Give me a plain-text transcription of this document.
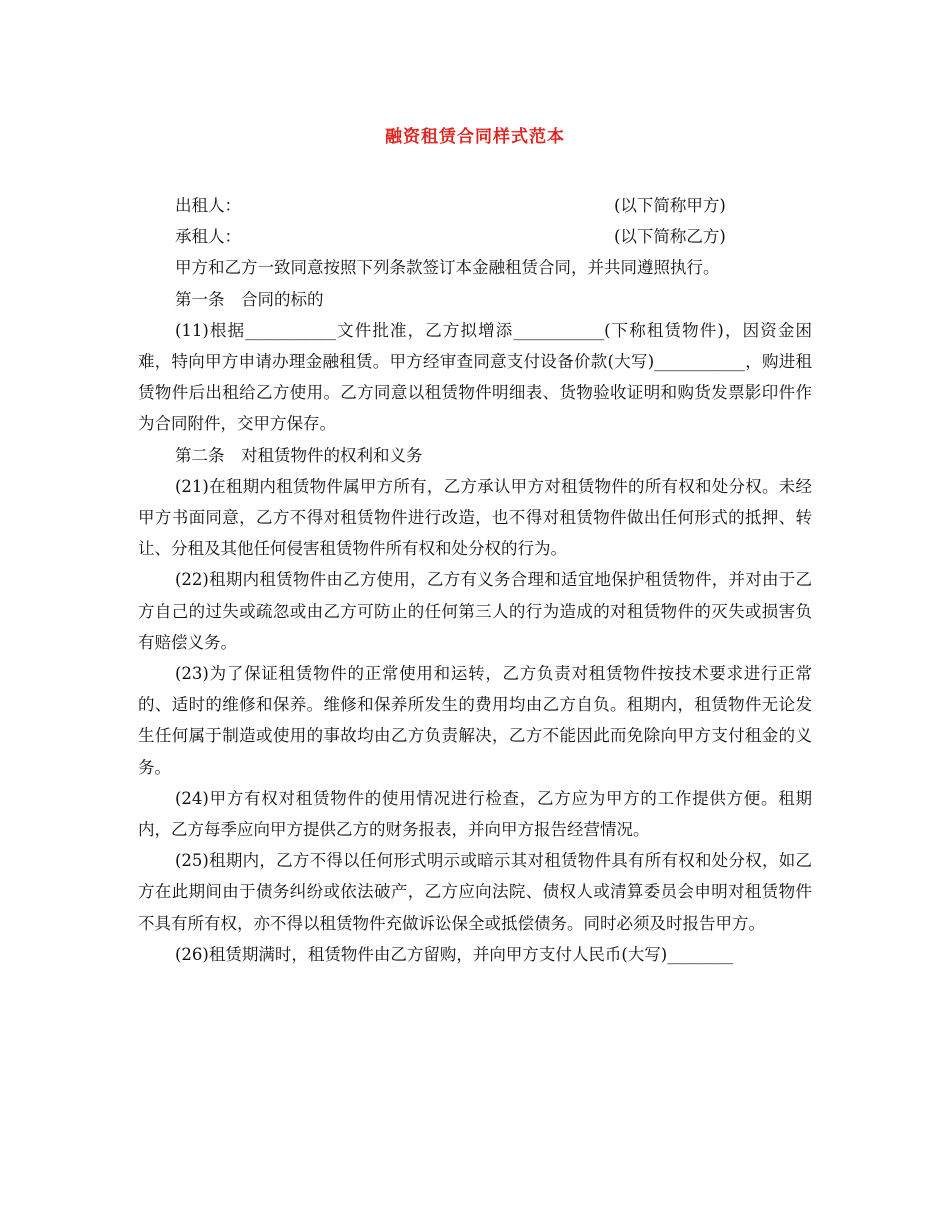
融资租赁合同样式范本
出租人：	(以下简称甲方)
承租人：	(以下简称乙方)

甲方和乙方一致同意按照下列条款签订本金融租赁合同，并共同遵照执行。

第一条　合同的标的

(11)根据___________文件批准，乙方拟增添___________(下称租赁物件)，因资金困难，特向甲方申请办理金融租赁。甲方经审查同意支付设备价款(大写)___________，购进租赁物件后出租给乙方使用。乙方同意以租赁物件明细表、货物验收证明和购货发票影印件作为合同附件，交甲方保存。

第二条　对租赁物件的权利和义务

(21)在租期内租赁物件属甲方所有，乙方承认甲方对租赁物件的所有权和处分权。未经甲方书面同意，乙方不得对租赁物件进行改造，也不得对租赁物件做出任何形式的抵押、转让、分租及其他任何侵害租赁物件所有权和处分权的行为。

(22)租期内租赁物件由乙方使用，乙方有义务合理和适宜地保护租赁物件，并对由于乙方自己的过失或疏忽或由乙方可防止的任何第三人的行为造成的对租赁物件的灭失或损害负有赔偿义务。

(23)为了保证租赁物件的正常使用和运转，乙方负责对租赁物件按技术要求进行正常的、适时的维修和保养。维修和保养所发生的费用均由乙方自负。租期内，租赁物件无论发生任何属于制造或使用的事故均由乙方负责解决，乙方不能因此而免除向甲方支付租金的义务。

(24)甲方有权对租赁物件的使用情况进行检查，乙方应为甲方的工作提供方便。租期内，乙方每季应向甲方提供乙方的财务报表，并向甲方报告经营情况。

(25)租期内，乙方不得以任何形式明示或暗示其对租赁物件具有所有权和处分权，如乙方在此期间由于债务纠纷或依法破产，乙方应向法院、债权人或清算委员会申明对租赁物件不具有所有权，亦不得以租赁物件充做诉讼保全或抵偿债务。同时必须及时报告甲方。

(26)租赁期满时，租赁物件由乙方留购，并向甲方支付人民币(大写)________
